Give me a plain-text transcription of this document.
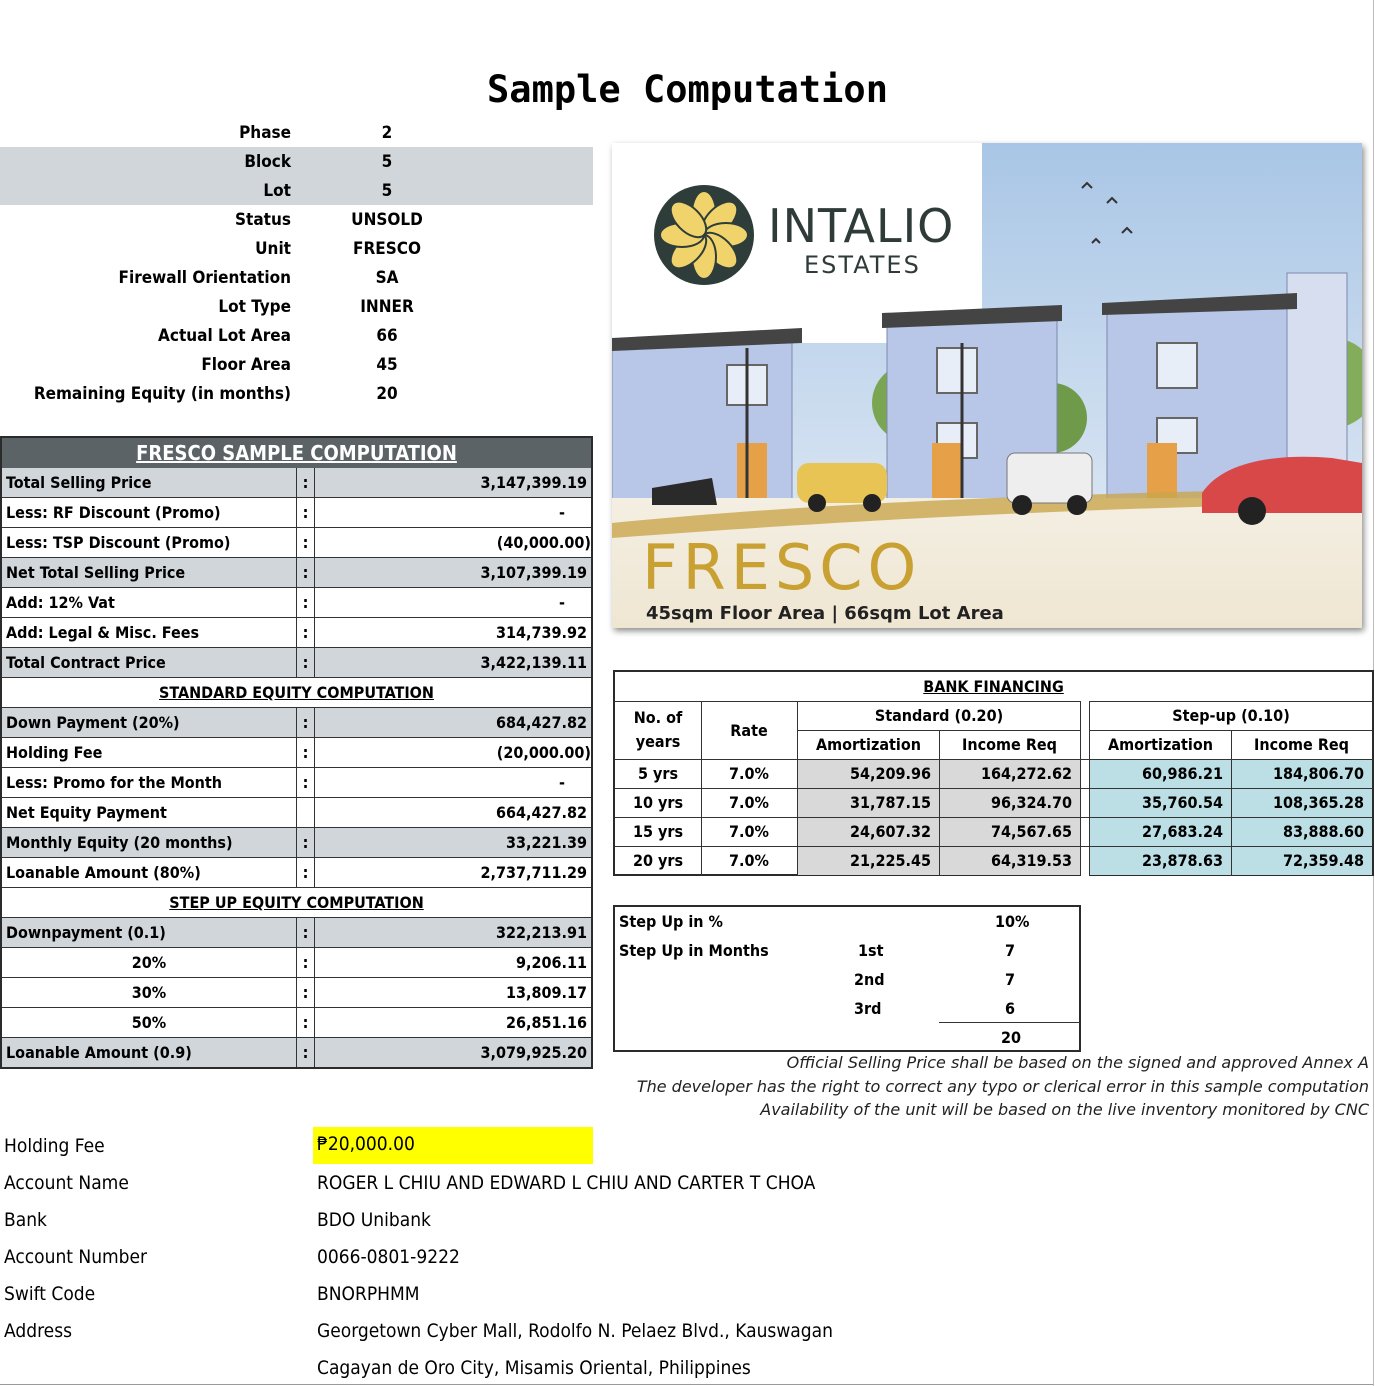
Sample Computation
Phase	2
Block	5
Lot	5
Status	UNSOLD
Unit	FRESCO
Firewall Orientation	SA
Lot Type	INNER
Actual Lot Area	66
Floor Area	45
Remaining Equity (in months)	20
INTALIO
ESTATES
FRESCO
45sqm Floor Area | 66sqm Lot Area
FRESCO SAMPLE COMPUTATION
Total Selling Price	:	3,147,399.19
Less: RF Discount (Promo)	:	-
Less: TSP Discount (Promo)	:	(40,000.00)
Net Total Selling Price	:	3,107,399.19
Add: 12% Vat	:	-
Add: Legal & Misc. Fees	:	314,739.92
Total Contract Price	:	3,422,139.11
STANDARD EQUITY COMPUTATION
Down Payment (20%)	:	684,427.82
Holding Fee	:	(20,000.00)
Less: Promo for the Month	:	-
Net Equity Payment	664,427.82
Monthly Equity (20 months)	:	33,221.39
Loanable Amount (80%)	:	2,737,711.29
STEP UP EQUITY COMPUTATION
Downpayment (0.1)	:	322,213.91
20%	:	9,206.11
30%	:	13,809.17
50%	:	26,851.16
Loanable Amount (0.9)	:	3,079,925.20
BANK FINANCING
No. of years
Rate
Standard (0.20)	Step-up (0.10)
Amortization	Income Req	Amortization	Income Req
5 yrs	7.0%	54,209.96	164,272.62	60,986.21	184,806.70
10 yrs	7.0%	31,787.15	96,324.70	35,760.54	108,365.28
15 yrs	7.0%	24,607.32	74,567.65	27,683.24	83,888.60
20 yrs	7.0%	21,225.45	64,319.53	23,878.63	72,359.48
Step Up in %	10%
Step Up in Months	1st	7
2nd	7
3rd	6
20
Official Selling Price shall be based on the signed and approved Annex A
The developer has the right to correct any typo or clerical error in this sample computation
Availability of the unit will be based on the live inventory monitored by CNC
Holding Fee	₱20,000.00
Account Name	ROGER L CHIU AND EDWARD L CHIU AND CARTER T CHOA
Bank	BDO Unibank
Account Number	0066-0801-9222
Swift Code	BNORPHMM
Address	Georgetown Cyber Mall, Rodolfo N. Pelaez Blvd., Kauswagan
Cagayan de Oro City, Misamis Oriental, Philippines
